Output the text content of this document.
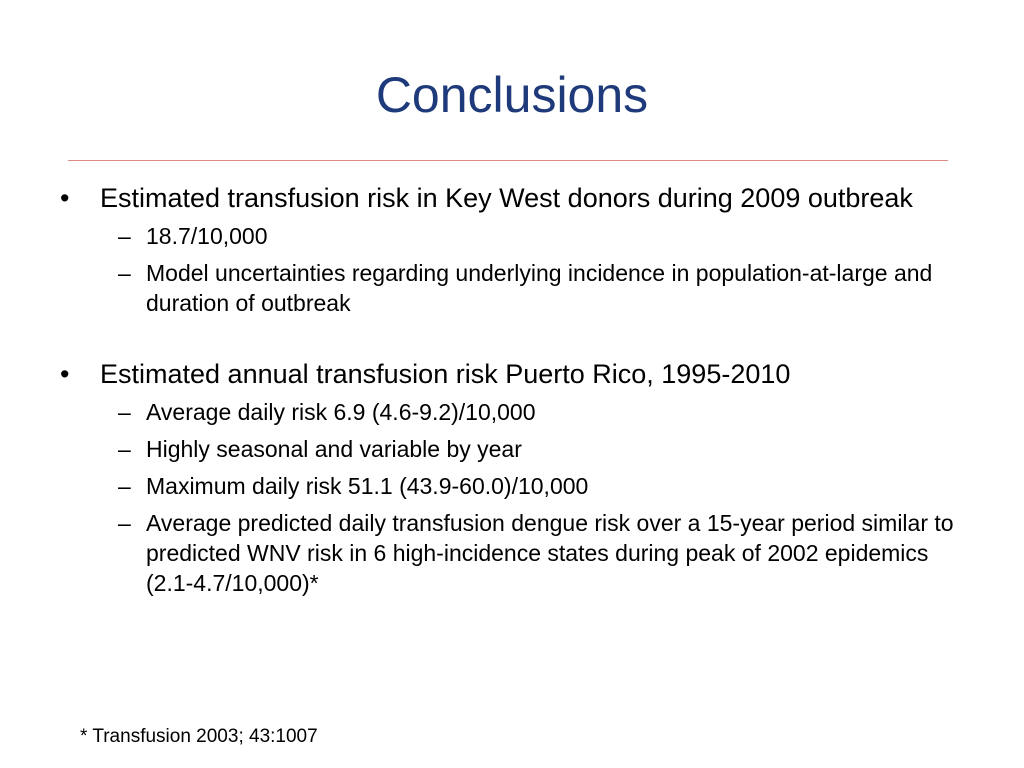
Conclusions
•	Estimated transfusion risk in Key West donors during 2009 outbreak
– 18.7/10,000
– Model uncertainties regarding underlying incidence in population-at-large and duration of outbreak
•	Estimated annual transfusion risk Puerto Rico, 1995-2010
– Average daily risk 6.9 (4.6-9.2)/10,000
– Highly seasonal and variable by year
– Maximum daily risk 51.1 (43.9-60.0)/10,000
– Average predicted daily transfusion dengue risk over a 15-year period similar to predicted WNV risk in 6 high-incidence states during peak of 2002 epidemics (2.1-4.7/10,000)*
* Transfusion 2003; 43:1007
